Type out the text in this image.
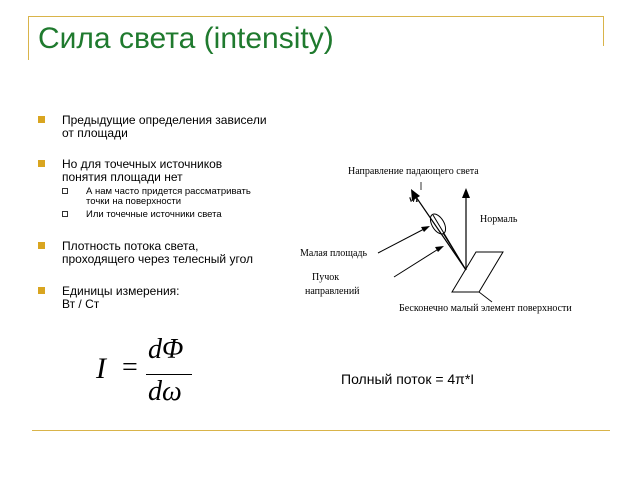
Сила света (intensity)
Предыдущие определения зависели
от площади
Но для точечных источников
понятия площади нет
А нам часто придется рассматривать
точки на поверхности
Или точечные источники света
Плотность потока света,
проходящего через телесный угол
Единицы измерения:
Вт / Ст
Направление падающего света
wi
Нормаль
Малая площадь
Пучок
направлений
Бесконечно малый элемент поверхности
I =
dΦ
dω	Полный поток = 4π*I
